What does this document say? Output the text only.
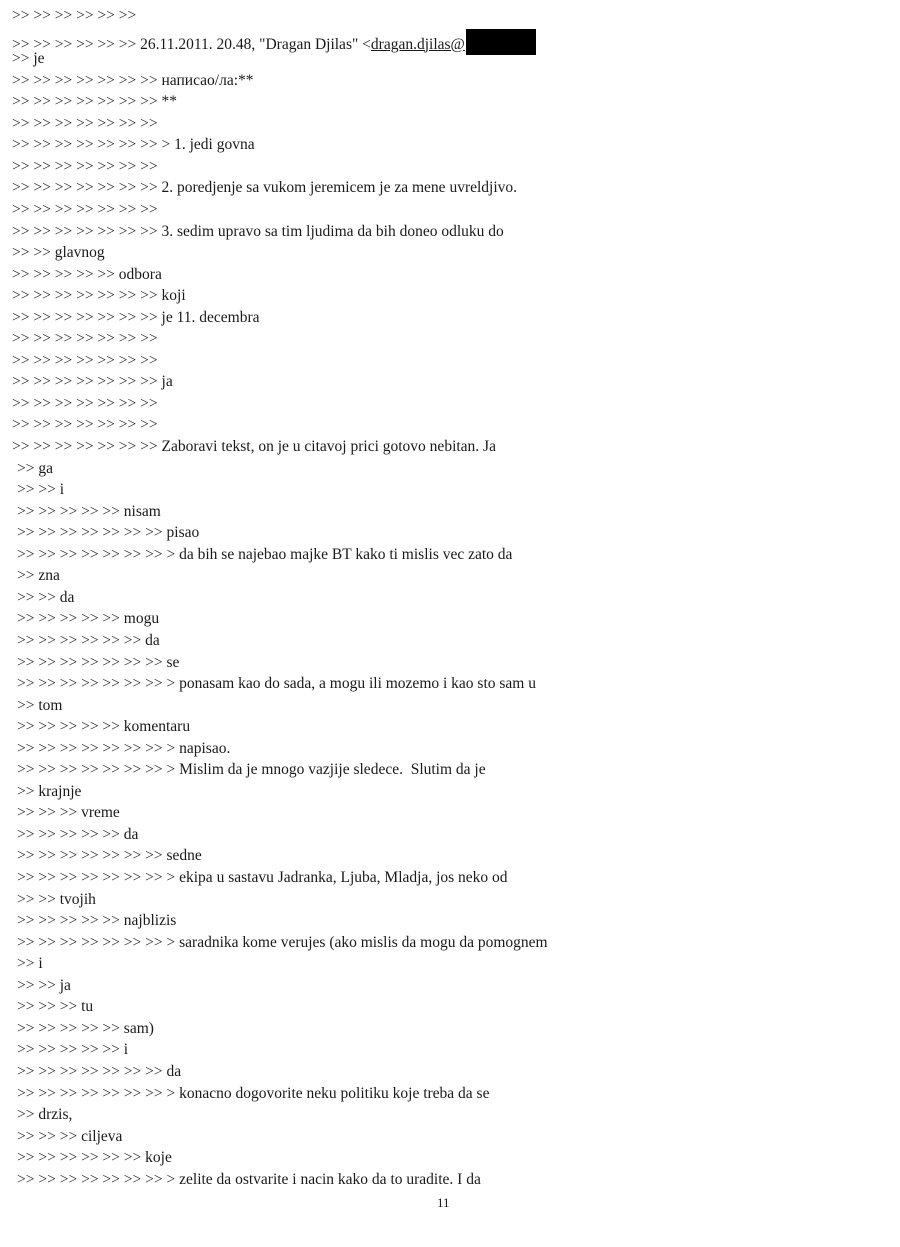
>> >> >> >> >> >>
>> >> >> >> >> >> 26.11.2011. 20.48, "Dragan Djilas" <dragan.djilas@
>> je
>> >> >> >> >> >> >> написао/ла:**
>> >> >> >> >> >> >> **
>> >> >> >> >> >> >>
>> >> >> >> >> >> >> > 1. jedi govna
>> >> >> >> >> >> >>
>> >> >> >> >> >> >> 2. poredjenje sa vukom jeremicem je za mene uvreldjivo.
>> >> >> >> >> >> >>
>> >> >> >> >> >> >> 3. sedim upravo sa tim ljudima da bih doneo odluku do
>> >> glavnog
>> >> >> >> >> odbora
>> >> >> >> >> >> >> koji
>> >> >> >> >> >> >> je 11. decembra
>> >> >> >> >> >> >>
>> >> >> >> >> >> >>
>> >> >> >> >> >> >> ja
>> >> >> >> >> >> >>
>> >> >> >> >> >> >>
>> >> >> >> >> >> >> Zaboravi tekst, on je u citavoj prici gotovo nebitan. Ja
>> ga
>> >> i
>> >> >> >> >> nisam
>> >> >> >> >> >> >> pisao
>> >> >> >> >> >> >> > da bih se najebao majke BT kako ti mislis vec zato da
>> zna
>> >> da
>> >> >> >> >> mogu
>> >> >> >> >> >> da
>> >> >> >> >> >> >> se
>> >> >> >> >> >> >> > ponasam kao do sada, a mogu ili mozemo i kao sto sam u
>> tom
>> >> >> >> >> komentaru
>> >> >> >> >> >> >> > napisao.
>> >> >> >> >> >> >> > Mislim da je mnogo vazjije sledece.  Slutim da je
>> krajnje
>> >> >> vreme
>> >> >> >> >> da
>> >> >> >> >> >> >> sedne
>> >> >> >> >> >> >> > ekipa u sastavu Jadranka, Ljuba, Mladja, jos neko od
>> >> tvojih
>> >> >> >> >> najblizis
>> >> >> >> >> >> >> > saradnika kome verujes (ako mislis da mogu da pomognem
>> i
>> >> ja
>> >> >> tu
>> >> >> >> >> sam)
>> >> >> >> >> i
>> >> >> >> >> >> >> da
>> >> >> >> >> >> >> > konacno dogovorite neku politiku koje treba da se
>> drzis,
>> >> >> ciljeva
>> >> >> >> >> >> koje
>> >> >> >> >> >> >> > zelite da ostvarite i nacin kako da to uradite. I da
11
